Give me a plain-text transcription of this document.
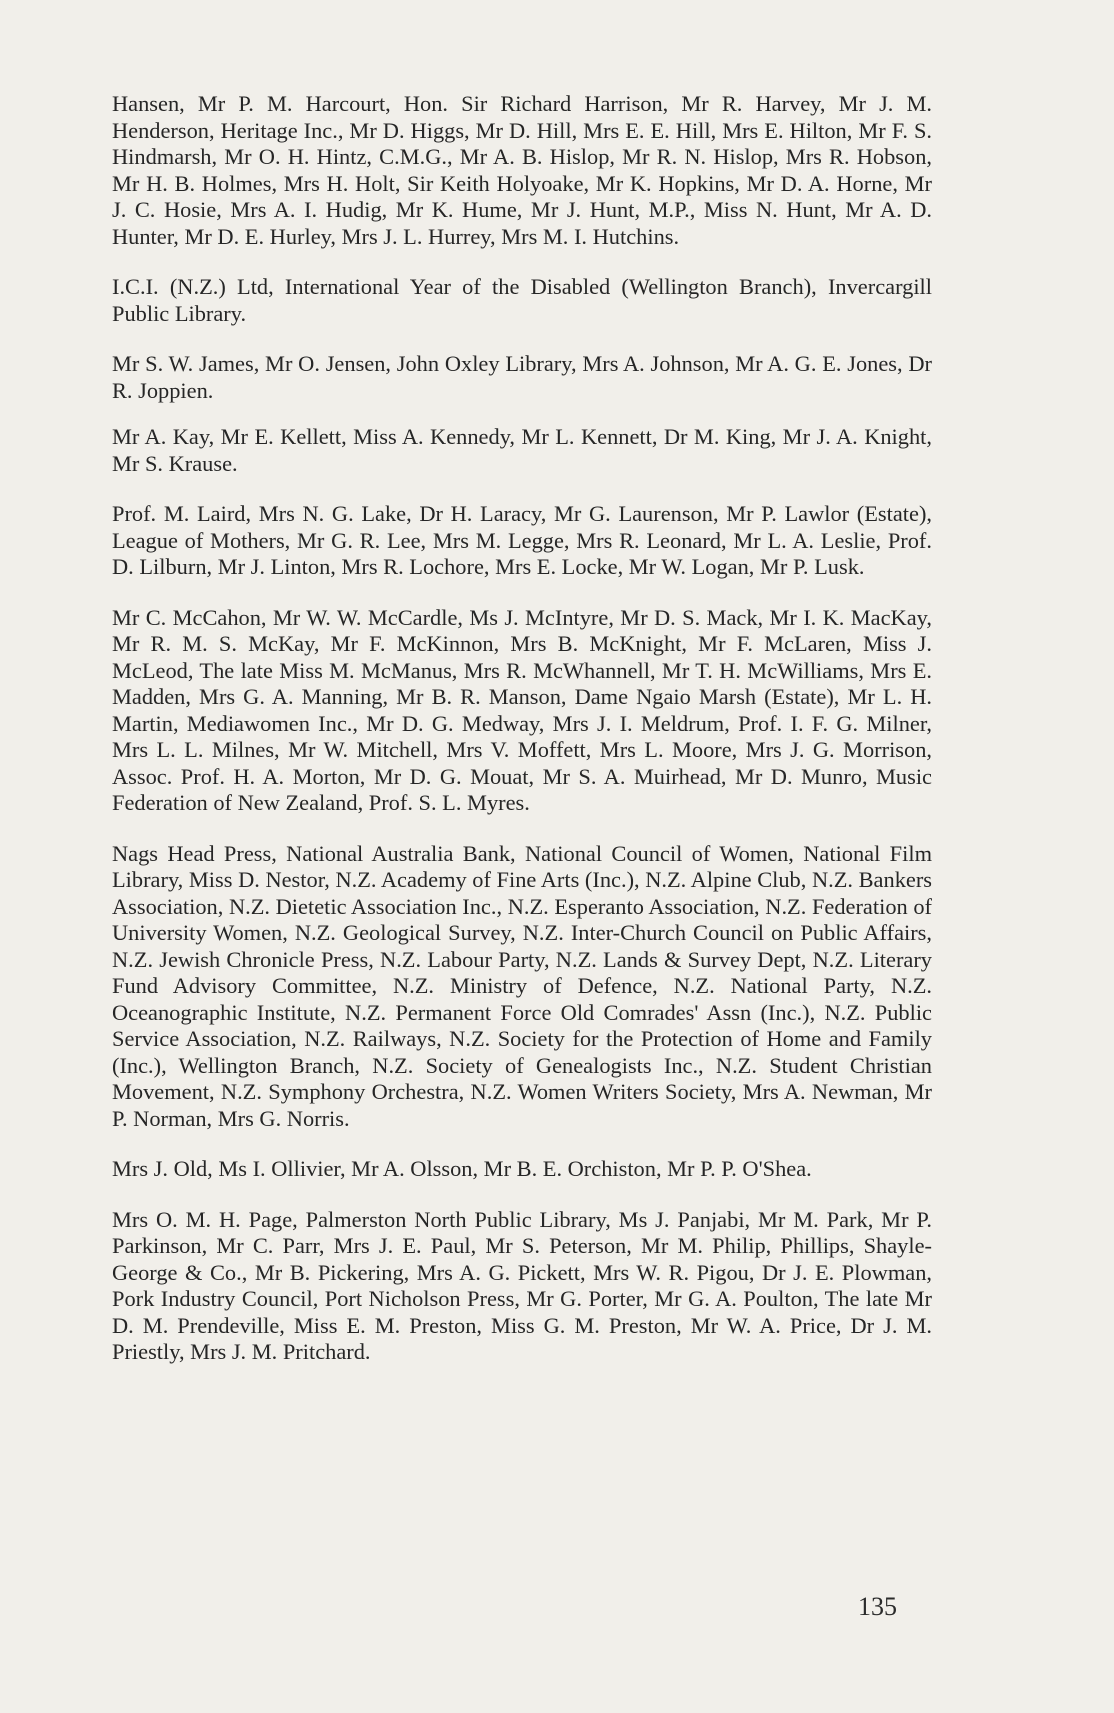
Hansen, Mr P. M. Harcourt, Hon. Sir Richard Harrison, Mr R. Harvey, Mr J. M. Henderson, Heritage Inc., Mr D. Higgs, Mr D. Hill, Mrs E. E. Hill, Mrs E. Hilton, Mr F. S. Hindmarsh, Mr O. H. Hintz, C.M.G., Mr A. B. Hislop, Mr R. N. Hislop, Mrs R. Hobson, Mr H. B. Holmes, Mrs H. Holt, Sir Keith Holyoake, Mr K. Hopkins, Mr D. A. Horne, Mr J. C. Hosie, Mrs A. I. Hudig, Mr K. Hume, Mr J. Hunt, M.P., Miss N. Hunt, Mr A. D. Hunter, Mr D. E. Hurley, Mrs J. L. Hurrey, Mrs M. I. Hutchins.

I.C.I. (N.Z.) Ltd, International Year of the Disabled (Wellington Branch), Invercargill Public Library.

Mr S. W. James, Mr O. Jensen, John Oxley Library, Mrs A. Johnson, Mr A. G. E. Jones, Dr R. Joppien.

Mr A. Kay, Mr E. Kellett, Miss A. Kennedy, Mr L. Kennett, Dr M. King, Mr J. A. Knight, Mr S. Krause.

Prof. M. Laird, Mrs N. G. Lake, Dr H. Laracy, Mr G. Laurenson, Mr P. Lawlor (Estate), League of Mothers, Mr G. R. Lee, Mrs M. Legge, Mrs R. Leonard, Mr L. A. Leslie, Prof. D. Lilburn, Mr J. Linton, Mrs R. Lochore, Mrs E. Locke, Mr W. Logan, Mr P. Lusk.

Mr C. McCahon, Mr W. W. McCardle, Ms J. McIntyre, Mr D. S. Mack, Mr I. K. MacKay, Mr R. M. S. McKay, Mr F. McKinnon, Mrs B. McKnight, Mr F. McLaren, Miss J. McLeod, The late Miss M. McManus, Mrs R. McWhannell, Mr T. H. McWilliams, Mrs E. Madden, Mrs G. A. Manning, Mr B. R. Manson, Dame Ngaio Marsh (Estate), Mr L. H. Martin, Mediawomen Inc., Mr D. G. Medway, Mrs J. I. Meldrum, Prof. I. F. G. Milner, Mrs L. L. Milnes, Mr W. Mitchell, Mrs V. Moffett, Mrs L. Moore, Mrs J. G. Morrison, Assoc. Prof. H. A. Morton, Mr D. G. Mouat, Mr S. A. Muirhead, Mr D. Munro, Music Federation of New Zealand, Prof. S. L. Myres.

Nags Head Press, National Australia Bank, National Council of Women, National Film Library, Miss D. Nestor, N.Z. Academy of Fine Arts (Inc.), N.Z. Alpine Club, N.Z. Bankers Association, N.Z. Dietetic Association Inc., N.Z. Esperanto Association, N.Z. Federation of University Women, N.Z. Geological Survey, N.Z. Inter-Church Council on Public Affairs, N.Z. Jewish Chronicle Press, N.Z. Labour Party, N.Z. Lands & Survey Dept, N.Z. Literary Fund Advisory Committee, N.Z. Ministry of Defence, N.Z. National Party, N.Z. Oceanographic Institute, N.Z. Permanent Force Old Comrades' Assn (Inc.), N.Z. Public Service Association, N.Z. Railways, N.Z. Society for the Protection of Home and Family (Inc.), Wellington Branch, N.Z. Society of Genealogists Inc., N.Z. Student Christian Movement, N.Z. Symphony Orchestra, N.Z. Women Writers Society, Mrs A. Newman, Mr P. Norman, Mrs G. Norris.

Mrs J. Old, Ms I. Ollivier, Mr A. Olsson, Mr B. E. Orchiston, Mr P. P. O'Shea.

Mrs O. M. H. Page, Palmerston North Public Library, Ms J. Panjabi, Mr M. Park, Mr P. Parkinson, Mr C. Parr, Mrs J. E. Paul, Mr S. Peterson, Mr M. Philip, Phillips, Shayle-George & Co., Mr B. Pickering, Mrs A. G. Pickett, Mrs W. R. Pigou, Dr J. E. Plowman, Pork Industry Council, Port Nicholson Press, Mr G. Porter, Mr G. A. Poulton, The late Mr D. M. Prendeville, Miss E. M. Preston, Miss G. M. Preston, Mr W. A. Price, Dr J. M. Priestly, Mrs J. M. Pritchard.

135
